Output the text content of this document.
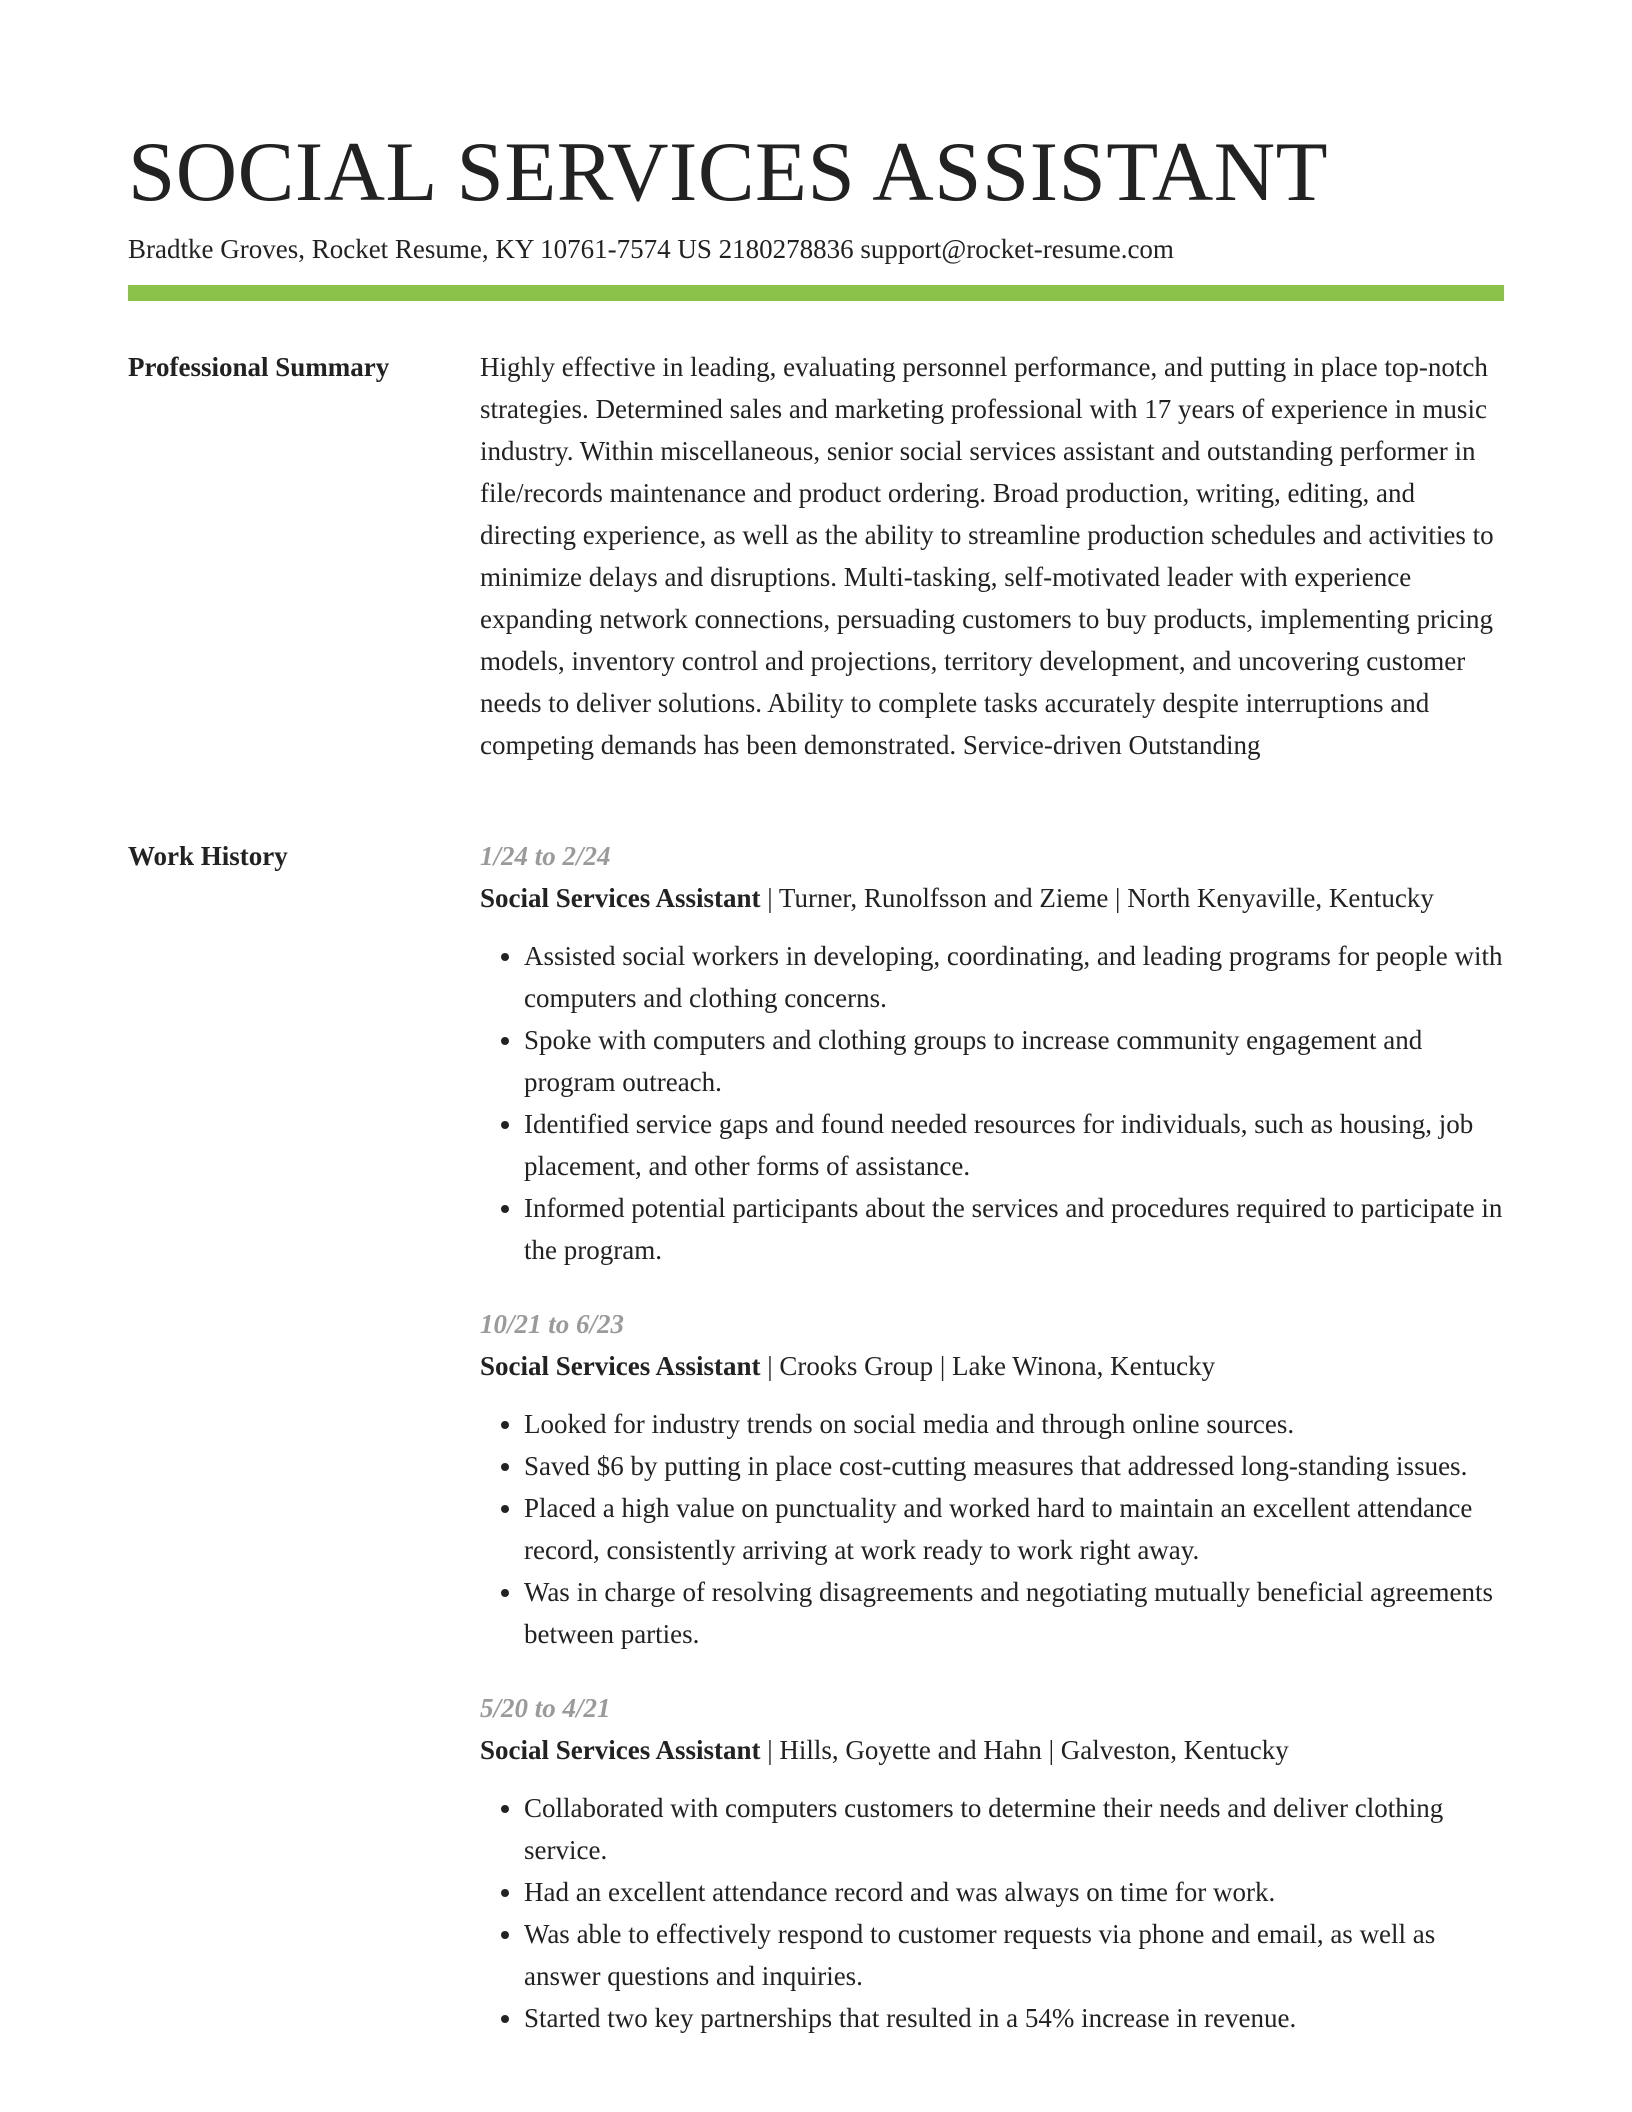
SOCIAL SERVICES ASSISTANT
Bradtke Groves, Rocket Resume, KY 10761-7574 US 2180278836 support@rocket-resume.com
Professional Summary	Highly effective in leading, evaluating personnel performance, and putting in place top-notch strategies. Determined sales and marketing professional with 17 years of experience in music industry. Within miscellaneous, senior social services assistant and outstanding performer in file/records maintenance and product ordering. Broad production, writing, editing, and directing experience, as well as the ability to streamline production schedules and activities to minimize delays and disruptions. Multi-tasking, self-motivated leader with experience expanding network connections, persuading customers to buy products, implementing pricing models, inventory control and projections, territory development, and uncovering customer needs to deliver solutions. Ability to complete tasks accurately despite interruptions and competing demands has been demonstrated. Service-driven Outstanding

Work History	1/24 to 2/24
Social Services Assistant | Turner, Runolfsson and Zieme | North Kenyaville, Kentucky
• Assisted social workers in developing, coordinating, and leading programs for people with computers and clothing concerns.
• Spoke with computers and clothing groups to increase community engagement and program outreach.
• Identified service gaps and found needed resources for individuals, such as housing, job placement, and other forms of assistance.
• Informed potential participants about the services and procedures required to participate in the program.
10/21 to 6/23
Social Services Assistant | Crooks Group | Lake Winona, Kentucky
• Looked for industry trends on social media and through online sources.
• Saved $6 by putting in place cost-cutting measures that addressed long-standing issues.
• Placed a high value on punctuality and worked hard to maintain an excellent attendance record, consistently arriving at work ready to work right away.
• Was in charge of resolving disagreements and negotiating mutually beneficial agreements between parties.
5/20 to 4/21
Social Services Assistant | Hills, Goyette and Hahn | Galveston, Kentucky
• Collaborated with computers customers to determine their needs and deliver clothing service.
• Had an excellent attendance record and was always on time for work.
• Was able to effectively respond to customer requests via phone and email, as well as answer questions and inquiries.
• Started two key partnerships that resulted in a 54% increase in revenue.
